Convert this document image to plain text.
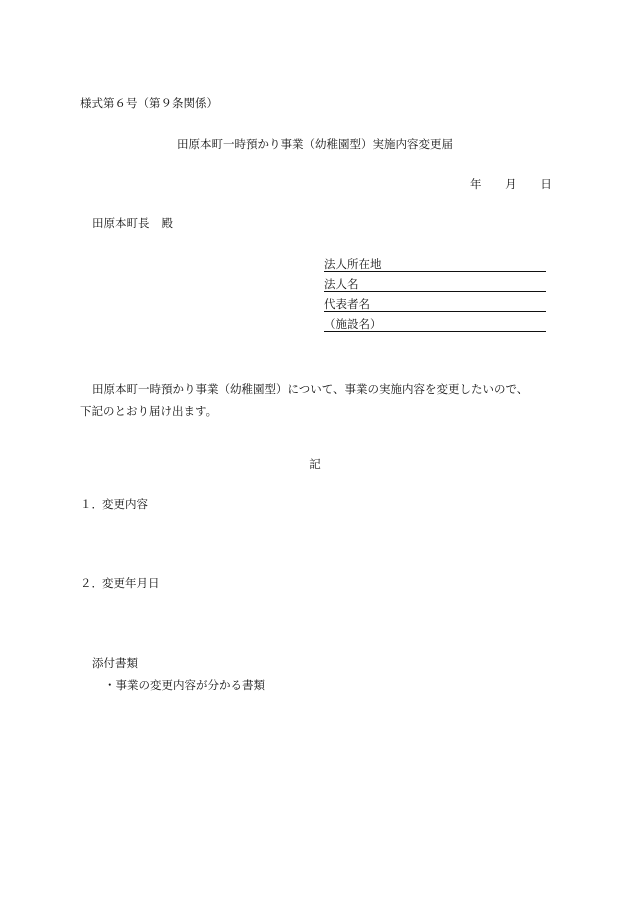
様式第６号（第９条関係）
田原本町一時預かり事業（幼稚園型）実施内容変更届
年 月 日
田原本町長 殿
法人所在地
法人名
代表者名
（施設名）
田原本町一時預かり事業（幼稚園型）について、事業の実施内容を変更したいので、
下記のとおり届け出ます。
記
１．変更内容
２．変更年月日
添付書類
・事業の変更内容が分かる書類
